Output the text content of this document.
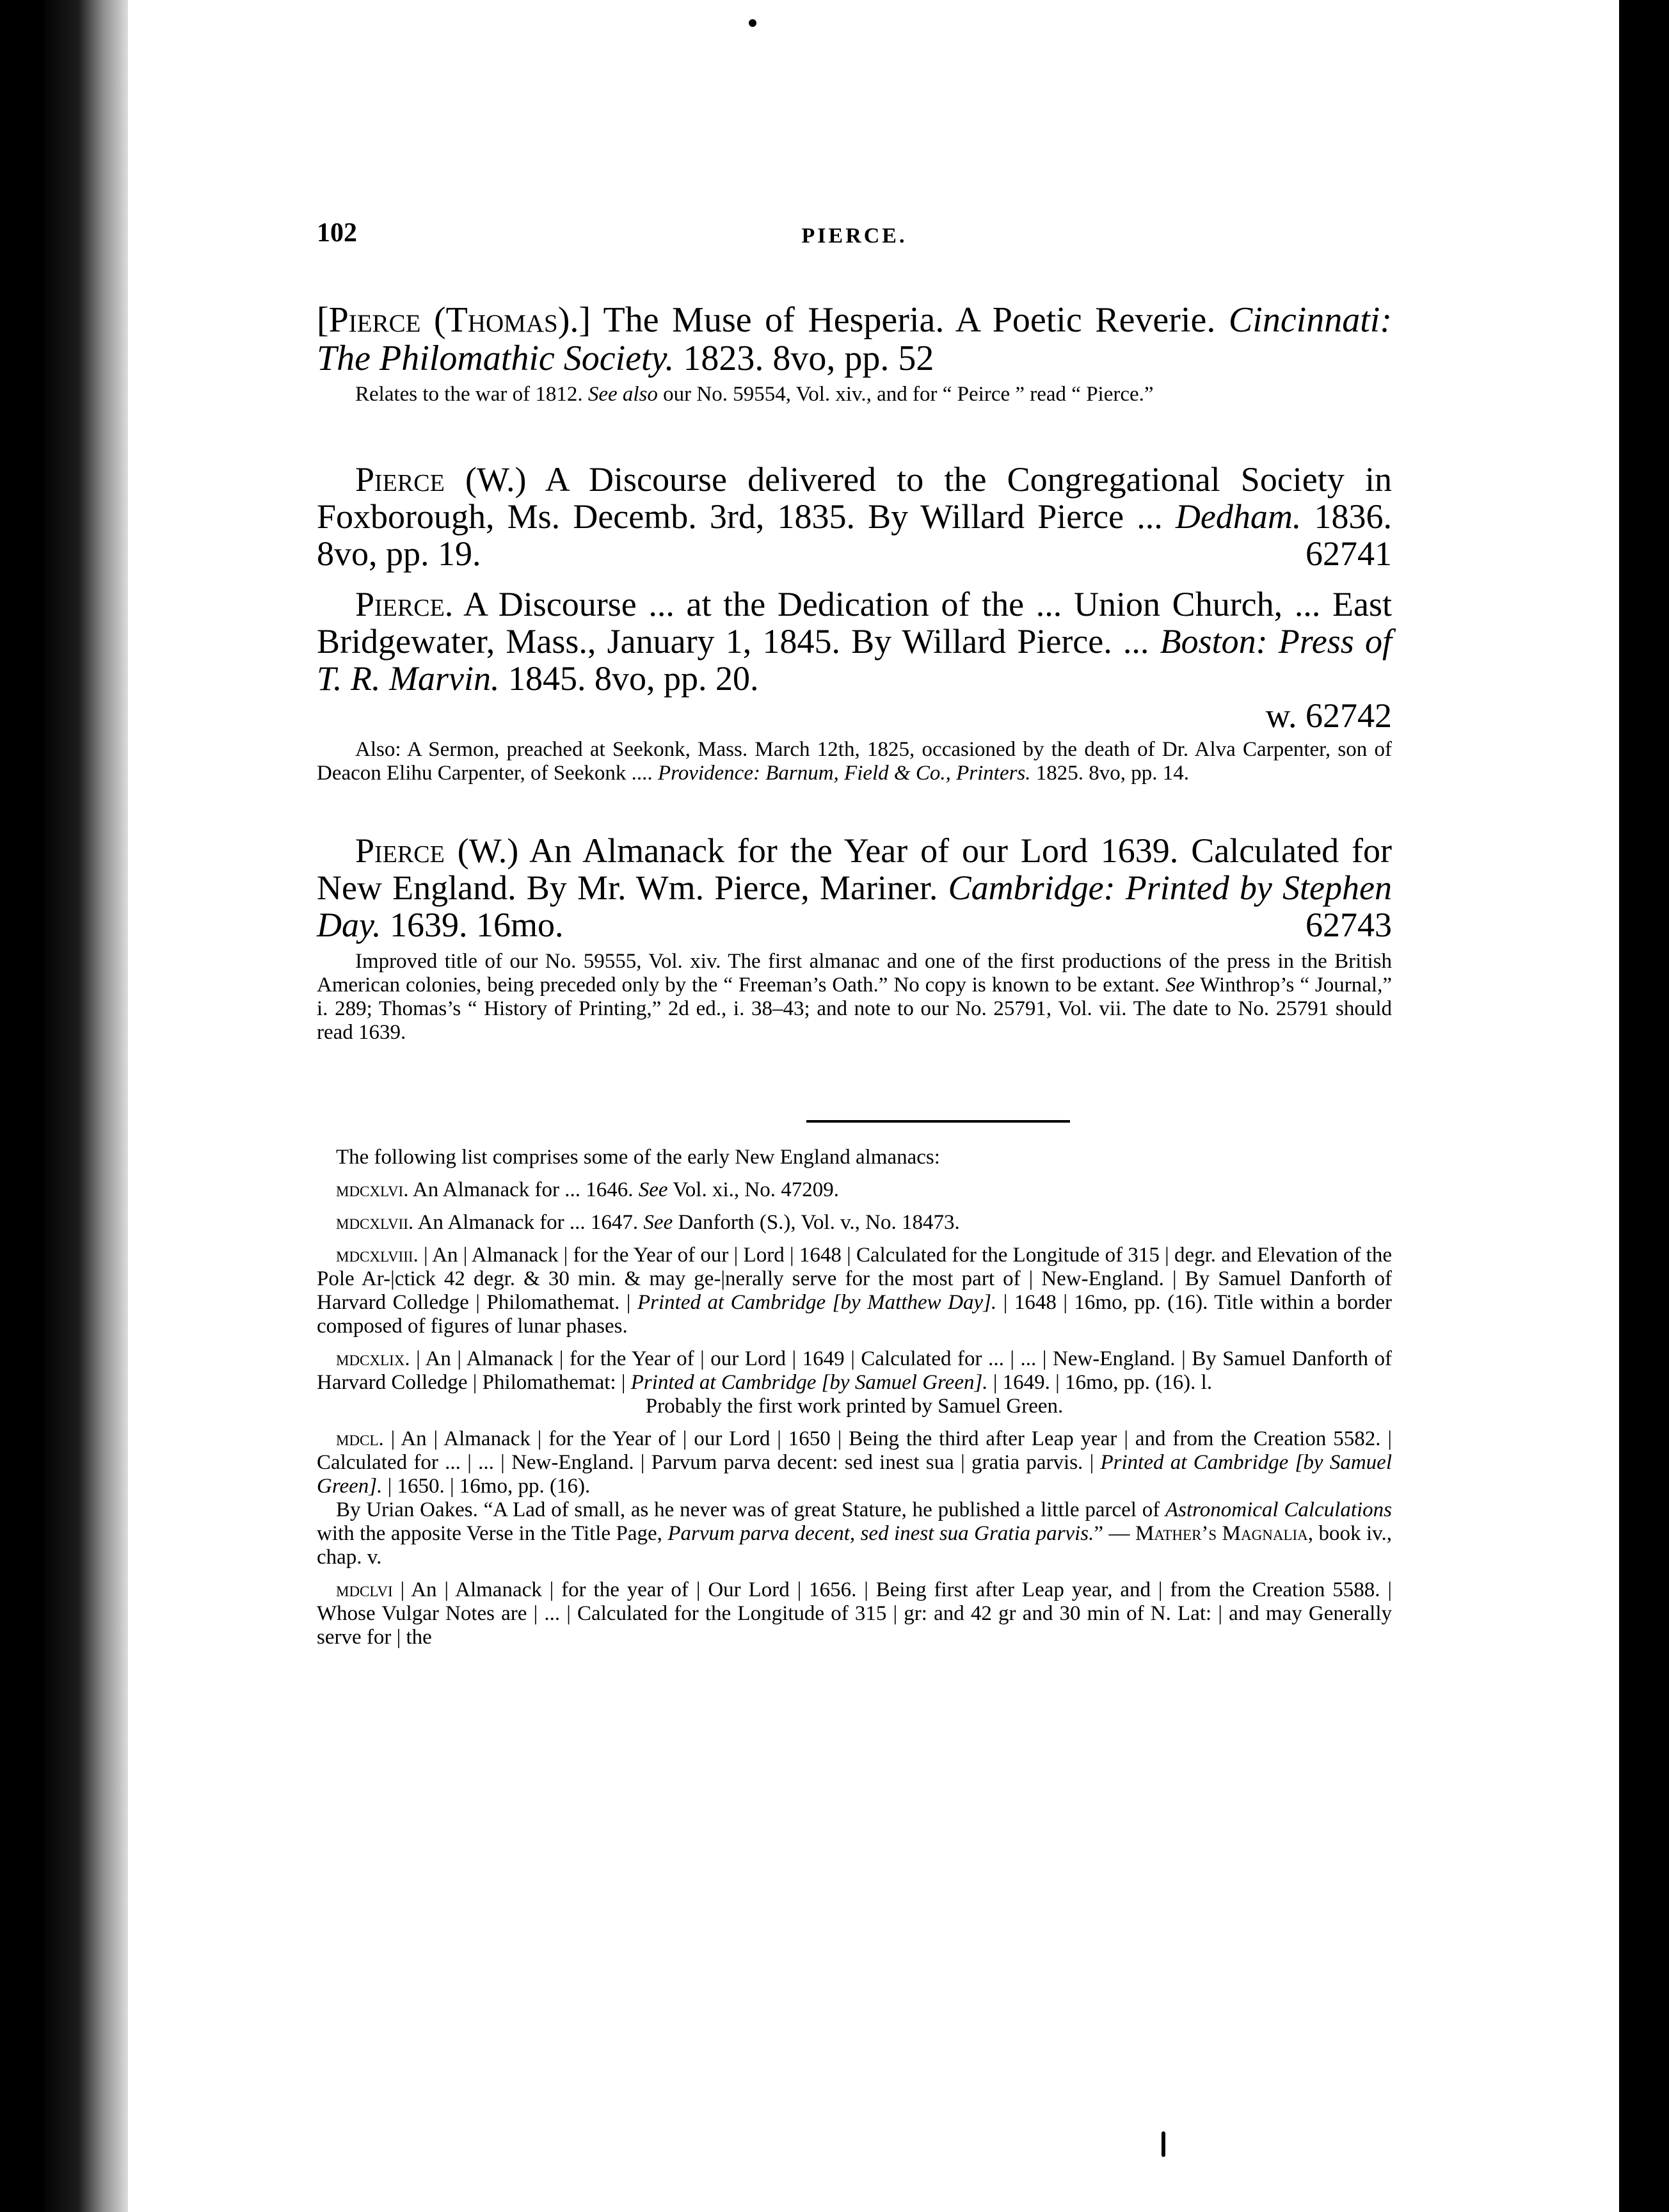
102	PIERCE.
[Pierce (Thomas).] The Muse of Hesperia. A Poetic Reverie. Cincinnati: The Philomathic Society. 1823. 8vo, pp. 52
Relates to the war of 1812. See also our No. 59554, Vol. xiv., and for “ Peirce ” read “ Pierce.”
Pierce (W.) A Discourse delivered to the Congregational Society in Foxborough, Ms. Decemb. 3rd, 1835. By Willard Pierce ... Dedham. 1836. 8vo, pp. 19.	62741
Pierce. A Discourse ... at the Dedication of the ... Union Church, ... East Bridgewater, Mass., January 1, 1845. By Willard Pierce. ... Boston: Press of T. R. Marvin. 1845. 8vo, pp. 20.
w. 62742
Also: A Sermon, preached at Seekonk, Mass. March 12th, 1825, occasioned by the death of Dr. Alva Carpenter, son of Deacon Elihu Carpenter, of Seekonk .... Providence: Barnum, Field & Co., Printers. 1825. 8vo, pp. 14.
Pierce (W.) An Almanack for the Year of our Lord 1639. Calculated for New England. By Mr. Wm. Pierce, Mariner. Cambridge: Printed by Stephen Day. 1639. 16mo.	62743
Improved title of our No. 59555, Vol. xiv. The first almanac and one of the first productions of the press in the British American colonies, being preceded only by the “ Freeman’s Oath.” No copy is known to be extant. See Winthrop’s “ Journal,” i. 289; Thomas’s “ History of Printing,” 2d ed., i. 38–43; and note to our No. 25791, Vol. vii. The date to No. 25791 should read 1639.
The following list comprises some of the early New England almanacs:
mdcxlvi. An Almanack for ... 1646. See Vol. xi., No. 47209.
mdcxlvii. An Almanack for ... 1647. See Danforth (S.), Vol. v., No. 18473.
mdcxlviii. | An | Almanack | for the Year of our | Lord | 1648 | Calculated for the Longitude of 315 | degr. and Elevation of the Pole Ar-|ctick 42 degr. & 30 min. & may ge-|nerally serve for the most part of | New-England. | By Samuel Danforth of Harvard Colledge | Philomathemat. | Printed at Cambridge [by Matthew Day]. | 1648 | 16mo, pp. (16). Title within a border composed of figures of lunar phases.
mdcxlix. | An | Almanack | for the Year of | our Lord | 1649 | Calculated for ... | ... | New-England. | By Samuel Danforth of Harvard Colledge | Philomathemat: | Printed at Cambridge [by Samuel Green]. | 1649. | 16mo, pp. (16). l.
Probably the first work printed by Samuel Green.
mdcl. | An | Almanack | for the Year of | our Lord | 1650 | Being the third after Leap year | and from the Creation 5582. | Calculated for ... | ... | New-England. | Parvum parva decent: sed inest sua | gratia parvis. | Printed at Cambridge [by Samuel Green]. | 1650. | 16mo, pp. (16).
By Urian Oakes. “A Lad of small, as he never was of great Stature, he published a little parcel of Astronomical Calculations with the apposite Verse in the Title Page, Parvum parva decent, sed inest sua Gratia parvis.” — Mather’s Magnalia, book iv., chap. v.
mdclvi | An | Almanack | for the year of | Our Lord | 1656. | Being first after Leap year, and | from the Creation 5588. | Whose Vulgar Notes are | ... | Calculated for the Longitude of 315 | gr: and 42 gr and 30 min of N. Lat: | and may Generally serve for | the
